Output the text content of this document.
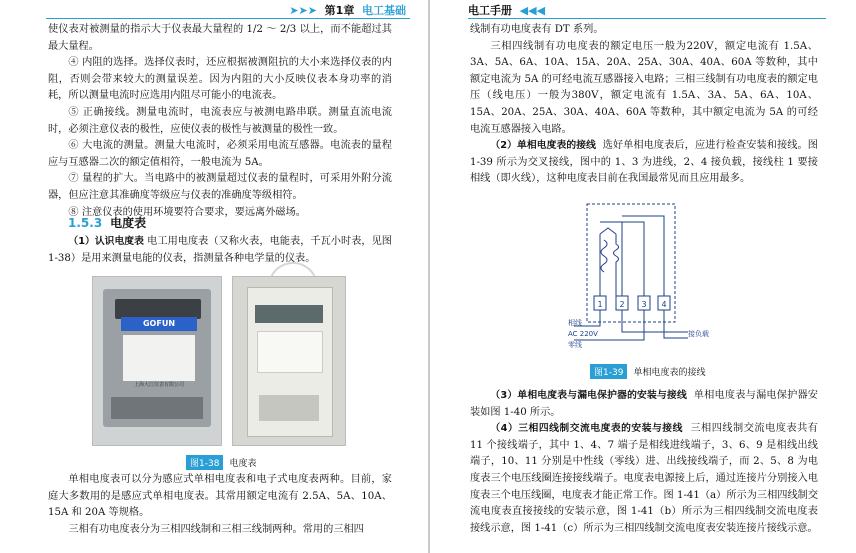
➤➤➤ 第1章 电工基础

使仪表对被测量的指示大于仪表最大量程的 1/2 ～ 2/3 以上，而不能超过其最大量程。

④ 内阻的选择。选择仪表时，还应根据被测阻抗的大小来选择仪表的内阻，否则会带来较大的测量误差。因为内阻的大小反映仪表本身功率的消耗，所以测量电流时应选用内阻尽可能小的电流表。

⑤ 正确接线。测量电流时，电流表应与被测电路串联。测量直流电流时，必须注意仪表的极性，应使仪表的极性与被测量的极性一致。

⑥ 大电流的测量。测量大电流时，必须采用电流互感器。电流表的量程应与互感器二次的额定值相符，一般电流为 5A。

⑦ 量程的扩大。当电路中的被测量超过仪表的量程时，可采用外附分流器，但应注意其准确度等级应与仪表的准确度等级相符。

⑧ 注意仪表的使用环境要符合要求，要远离外磁场。

1.5.3 电度表

（1）认识电度表 电工用电度表（又称火表，电能表，千瓦小时表，见图 1-38）是用来测量电能的仪表，指测量各种电学量的仪表。

GOFUN
上海大江仪表有限公司
图1-38 电度表

单相电度表可以分为感应式单相电度表和电子式电度表两种。目前，家庭大多数用的是感应式单相电度表。其常用额定电流有 2.5A、5A、10A、15A 和 20A 等规格。

三相有功电度表分为三相四线制和三相三线制两种。常用的三相四

电工手册 ◀◀◀

线制有功电度表有 DT 系列。

三相四线制有功电度表的额定电压一般为220V，额定电流有 1.5A、3A、5A、6A、10A、15A、20A、25A、30A、40A、60A 等数种，其中额定电流为 5A 的可经电流互感器接入电路；三相三线制有功电度表的额定电压（线电压）一般为380V，额定电流有 1.5A、3A、5A、6A、10A、15A、20A、25A、30A、40A、60A 等数种，其中额定电流为 5A 的可经电流互感器接入电路。

（2）单相电度表的接线 选好单相电度表后，应进行检查安装和接线。图 1-39 所示为交叉接线，图中的 1、3 为进线，2、4 接负载，接线柱 1 要接相线（即火线），这种电度表目前在我国最常见而且应用最多。

1 2 3 4
相线
AC 220V
零线
接负载
图1-39 单相电度表的接线

（3）单相电度表与漏电保护器的安装与接线 单相电度表与漏电保护器安装如图 1-40 所示。

（4）三相四线制交流电度表的安装与接线 三相四线制交流电度表共有 11 个接线端子，其中 1、4、7 端子是相线进线端子，3、6、9 是相线出线端子，10、11 分别是中性线（零线）进、出线接线端子，而 2、5、8 为电度表三个电压线圈连接接线端子。电度表电源接上后，通过连接片分别接入电度表三个电压线圈，电度表才能正常工作。图 1-41（a）所示为三相四线制交流电度表直接接线的安装示意，图 1-41（b）所示为三相四线制交流电度表接线示意，图 1-41（c）所示为三相四线制交流电度表安装连接片接线示意。
